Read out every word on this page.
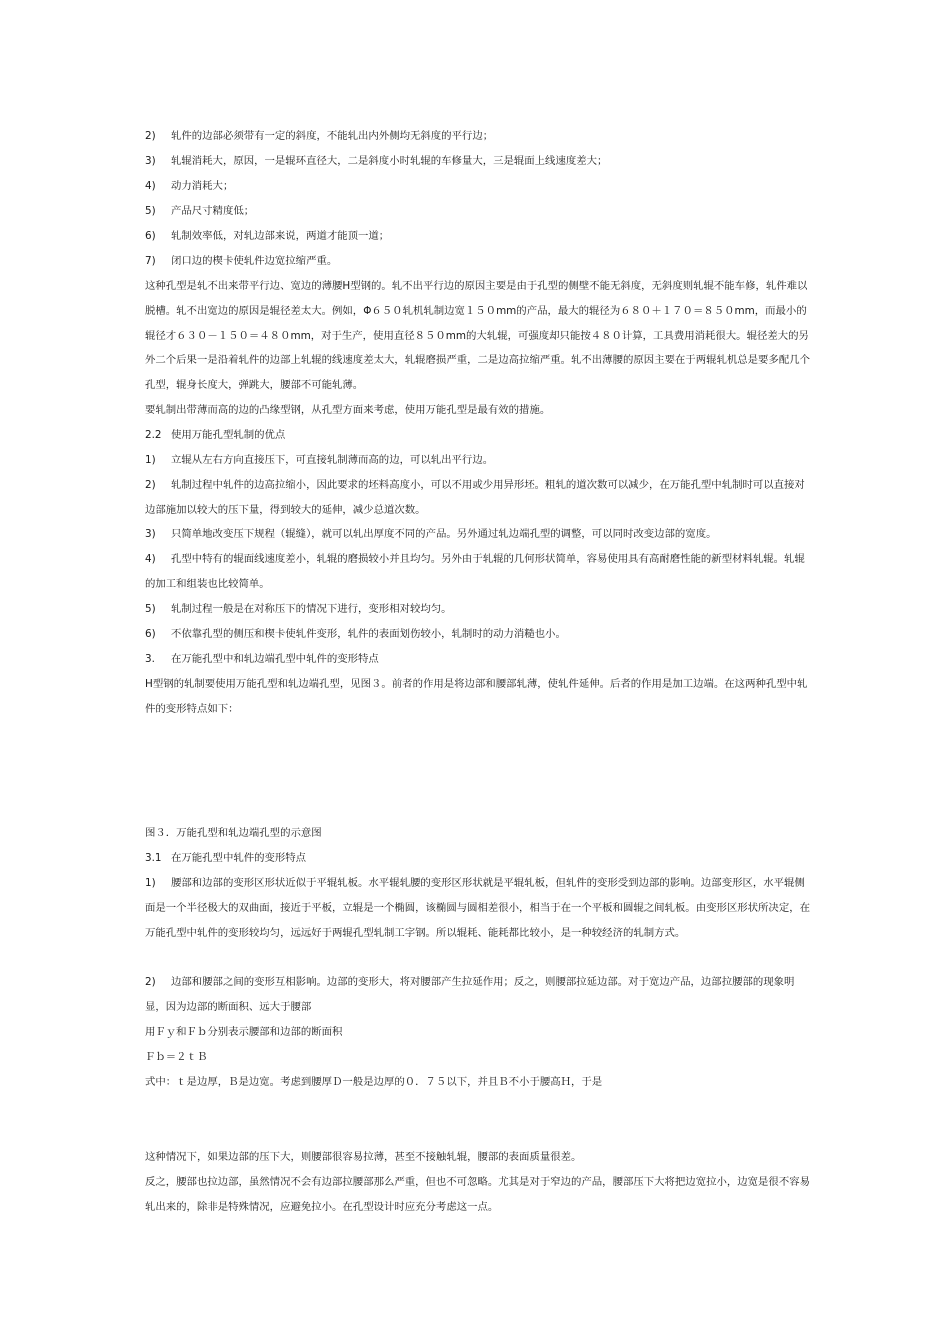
2) 轧件的边部必须带有一定的斜度，不能轧出内外侧均无斜度的平行边；

3) 轧辊消耗大，原因，一是辊环直径大，二是斜度小时轧辊的车修量大，三是辊面上线速度差大；

4) 动力消耗大；

5) 产品尺寸精度低；

6) 轧制效率低，对轧边部来说，两道才能顶一道；

7) 闭口边的楔卡使轧件边宽拉缩严重。

这种孔型是轧不出来带平行边、宽边的薄腰H型钢的。轧不出平行边的原因主要是由于孔型的侧壁不能无斜度，无斜度则轧辊不能车修，轧件难以脱槽。轧不出宽边的原因是辊径差太大。例如，Φ６５０轧机轧制边宽１５０mm的产品，最大的辊径为６８０＋１７０＝８５０mm，而最小的辊径才６３０－１５０＝４８０mm，对于生产，使用直径８５０mm的大轧辊，可强度却只能按４８０计算，工具费用消耗很大。辊径差大的另外二个后果一是沿着轧件的边部上轧辊的线速度差太大，轧辊磨损严重，二是边高拉缩严重。轧不出薄腰的原因主要在于两辊轧机总是要多配几个孔型，辊身长度大，弹跳大，腰部不可能轧薄。

要轧制出带薄而高的边的凸缘型钢，从孔型方面来考虑，使用万能孔型是最有效的措施。

2.2 使用万能孔型轧制的优点

1) 立辊从左右方向直接压下，可直接轧制薄而高的边，可以轧出平行边。

2) 轧制过程中轧件的边高拉缩小，因此要求的坯料高度小，可以不用或少用异形坯。粗轧的道次数可以减少，在万能孔型中轧制时可以直接对边部施加以较大的压下量，得到较大的延伸，减少总道次数。

3) 只简单地改变压下规程（辊缝），就可以轧出厚度不同的产品。另外通过轧边端孔型的调整，可以同时改变边部的宽度。

4) 孔型中特有的辊面线速度差小，轧辊的磨损较小并且均匀。另外由于轧辊的几何形状简单，容易使用具有高耐磨性能的新型材料轧辊。轧辊的加工和组装也比较简单。

5) 轧制过程一般是在对称压下的情况下进行，变形相对较均匀。

6) 不依靠孔型的侧压和楔卡使轧件变形，轧件的表面划伤较小，轧制时的动力消糙也小。

3. 在万能孔型中和轧边端孔型中轧件的变形特点

H型钢的轧制要使用万能孔型和轧边端孔型，见图３。前者的作用是将边部和腰部轧薄，使轧件延伸。后者的作用是加工边端。在这两种孔型中轧件的变形特点如下：

图３．万能孔型和轧边端孔型的示意图

3.1 在万能孔型中轧件的变形特点

1) 腰部和边部的变形区形状近似于平辊轧板。水平辊轧腰的变形区形状就是平辊轧板，但轧件的变形受到边部的影响。边部变形区，水平辊侧面是一个半径极大的双曲面，接近于平板，立辊是一个椭圆，该椭圆与圆相差很小，相当于在一个平板和圆辊之间轧板。由变形区形状所决定，在万能孔型中轧件的变形较均匀，远远好于两辊孔型轧制工字钢。所以辊耗、能耗都比较小，是一种较经济的轧制方式。

2) 边部和腰部之间的变形互相影响。边部的变形大，将对腰部产生拉延作用；反之，则腰部拉延边部。对于宽边产品，边部拉腰部的现象明显，因为边部的断面积、远大于腰部

用Ｆｙ和Ｆｂ分别表示腰部和边部的断面积

Ｆｂ＝２ｔＢ

式中：ｔ是边厚，Ｂ是边宽。考虑到腰厚Ｄ一般是边厚的０．７５以下，并且Ｂ不小于腰高Ｈ，于是

这种情况下，如果边部的压下大，则腰部很容易拉薄，甚至不接触轧辊，腰部的表面质量很差。

反之，腰部也拉边部，虽然情况不会有边部拉腰部那么严重，但也不可忽略。尤其是对于窄边的产品，腰部压下大将把边宽拉小，边宽是很不容易轧出来的，除非是特殊情况，应避免拉小。在孔型设计时应充分考虑这一点。
